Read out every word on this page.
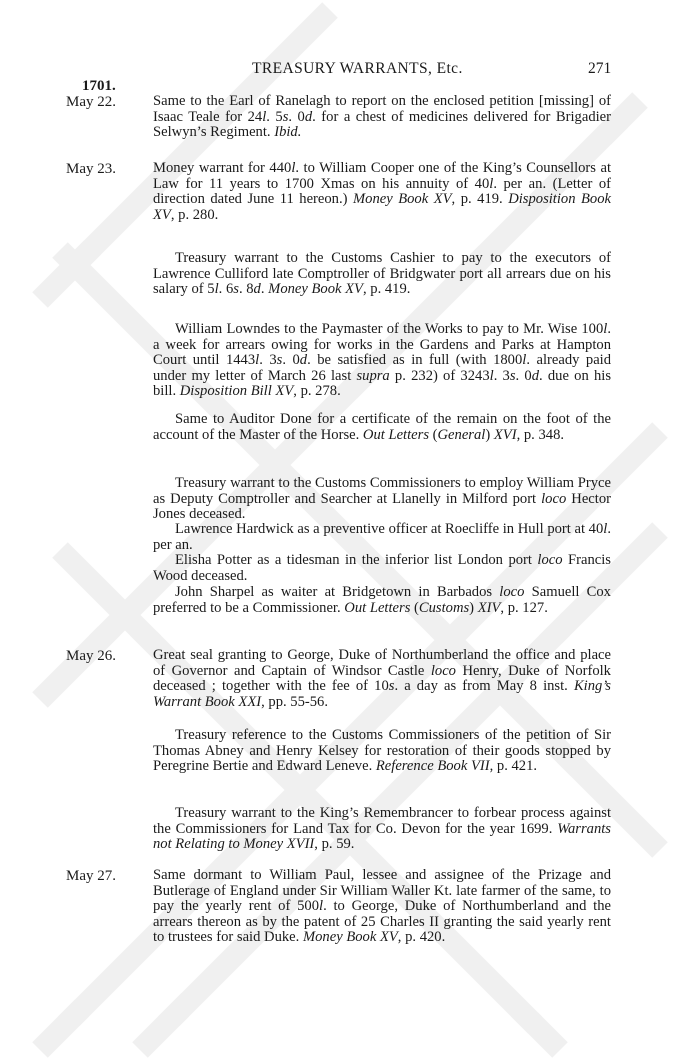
TREASURY WARRANTS, Etc.	271
1701.
May 22.	Same to the Earl of Ranelagh to report on the enclosed petition [missing] of Isaac Teale for 24l. 5s. 0d. for a chest of medicines delivered for Brigadier Selwyn’s Regiment. Ibid.

May 23.	Money warrant for 440l. to William Cooper one of the King’s Counsellors at Law for 11 years to 1700 Xmas on his annuity of 40l. per an. (Letter of direction dated June 11 hereon.) Money Book XV, p. 419. Disposition Book XV, p. 280.

Treasury warrant to the Customs Cashier to pay to the executors of Lawrence Culliford late Comptroller of Bridgwater port all arrears due on his salary of 5l. 6s. 8d. Money Book XV, p. 419.

William Lowndes to the Paymaster of the Works to pay to Mr. Wise 100l. a week for arrears owing for works in the Gardens and Parks at Hampton Court until 1443l. 3s. 0d. be satisfied as in full (with 1800l. already paid under my letter of March 26 last supra p. 232) of 3243l. 3s. 0d. due on his bill. Disposition Bill XV, p. 278.

Same to Auditor Done for a certificate of the remain on the foot of the account of the Master of the Horse. Out Letters (General) XVI, p. 348.

Treasury warrant to the Customs Commissioners to employ William Pryce as Deputy Comptroller and Searcher at Llanelly in Milford port loco Hector Jones deceased.

Lawrence Hardwick as a preventive officer at Roecliffe in Hull port at 40l. per an.

Elisha Potter as a tidesman in the inferior list London port loco Francis Wood deceased.

John Sharpel as waiter at Bridgetown in Barbados loco Samuell Cox preferred to be a Commissioner. Out Letters (Customs) XIV, p. 127.

May 26.	Great seal granting to George, Duke of Northumberland the office and place of Governor and Captain of Windsor Castle loco Henry, Duke of Norfolk deceased ; together with the fee of 10s. a day as from May 8 inst. King’s Warrant Book XXI, pp. 55-56.

Treasury reference to the Customs Commissioners of the petition of Sir Thomas Abney and Henry Kelsey for restoration of their goods stopped by Peregrine Bertie and Edward Leneve. Reference Book VII, p. 421.

Treasury warrant to the King’s Remembrancer to forbear process against the Commissioners for Land Tax for Co. Devon for the year 1699. Warrants not Relating to Money XVII, p. 59.

May 27.	Same dormant to William Paul, lessee and assignee of the Prizage and Butlerage of England under Sir William Waller Kt. late farmer of the same, to pay the yearly rent of 500l. to George, Duke of Northumberland and the arrears thereon as by the patent of 25 Charles II granting the said yearly rent to trustees for said Duke. Money Book XV, p. 420.
